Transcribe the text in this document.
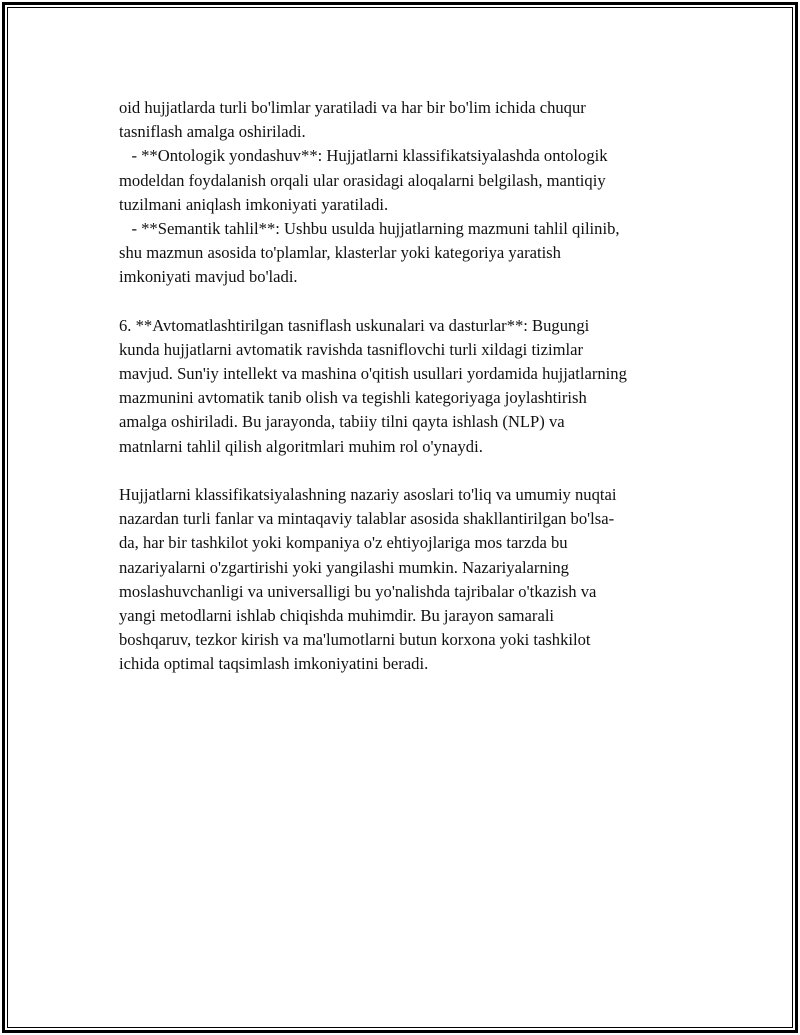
oid hujjatlarda turli bo'limlar yaratiladi va har bir bo'lim ichida chuqur
tasniflash amalga oshiriladi.
- **Ontologik yondashuv**: Hujjatlarni klassifikatsiyalashda ontologik
modeldan foydalanish orqali ular orasidagi aloqalarni belgilash, mantiqiy
tuzilmani aniqlash imkoniyati yaratiladi.
- **Semantik tahlil**: Ushbu usulda hujjatlarning mazmuni tahlil qilinib,
shu mazmun asosida to'plamlar, klasterlar yoki kategoriya yaratish
imkoniyati mavjud bo'ladi.
6. **Avtomatlashtirilgan tasniflash uskunalari va dasturlar**: Bugungi
kunda hujjatlarni avtomatik ravishda tasniflovchi turli xildagi tizimlar
mavjud. Sun'iy intellekt va mashina o'qitish usullari yordamida hujjatlarning
mazmunini avtomatik tanib olish va tegishli kategoriyaga joylashtirish
amalga oshiriladi. Bu jarayonda, tabiiy tilni qayta ishlash (NLP) va
matnlarni tahlil qilish algoritmlari muhim rol o'ynaydi.
Hujjatlarni klassifikatsiyalashning nazariy asoslari to'liq va umumiy nuqtai
nazardan turli fanlar va mintaqaviy talablar asosida shakllantirilgan bo'lsa-
da, har bir tashkilot yoki kompaniya o'z ehtiyojlariga mos tarzda bu
nazariyalarni o'zgartirishi yoki yangilashi mumkin. Nazariyalarning
moslashuvchanligi va universalligi bu yo'nalishda tajribalar o'tkazish va
yangi metodlarni ishlab chiqishda muhimdir. Bu jarayon samarali
boshqaruv, tezkor kirish va ma'lumotlarni butun korxona yoki tashkilot
ichida optimal taqsimlash imkoniyatini beradi.
